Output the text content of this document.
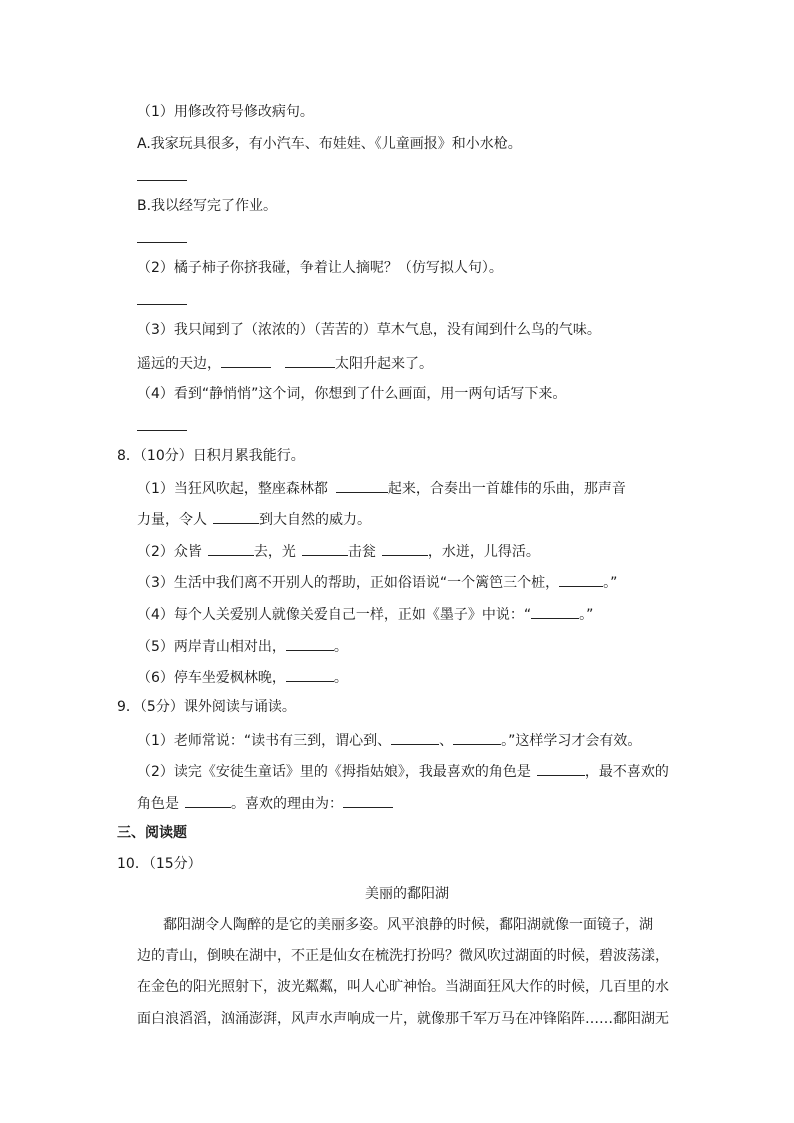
（1）用修改符号修改病句。
A.我家玩具很多，有小汽车、布娃娃、《儿童画报》和小水枪。
B.我以经写完了作业。
（2）橘子柿子你挤我碰，争着让人摘呢？（仿写拟人句）。
（3）我只闻到了（浓浓的）（苦苦的）草木气息，没有闻到什么鸟的气味。
遥远的天边，	太阳升起来了。
（4）看到“静悄悄”这个词，你想到了什么画面，用一两句话写下来。
8．（10分）日积月累我能行。
（1）当狂风吹起，整座森林都	起来，合奏出一首雄伟的乐曲，那声音
力量，令人	到大自然的威力。
（2）众皆	去，光	击瓮	，水迸，儿得活。
（3）生活中我们离不开别人的帮助，正如俗语说“一个篱笆三个桩，	。”
（4）每个人关爱别人就像关爱自己一样，正如《墨子》中说：“	。”
（5）两岸青山相对出，	。
（6）停车坐爱枫林晚，	。
9．（5分）课外阅读与诵读。
（1）老师常说：“读书有三到，谓心到、	、	。”这样学习才会有效。
（2）读完《安徒生童话》里的《拇指姑娘》，我最喜欢的角色是	，最不喜欢的
角色是	。喜欢的理由为：
三、阅读题
10．（15分）
美丽的鄱阳湖
鄱阳湖令人陶醉的是它的美丽多姿。风平浪静的时候，鄱阳湖就像一面镜子，湖
边的青山，倒映在湖中，不正是仙女在梳洗打扮吗？微风吹过湖面的时候，碧波荡漾，
在金色的阳光照射下，波光粼粼，叫人心旷神怡。当湖面狂风大作的时候，几百里的水
面白浪滔滔，汹涌澎湃，风声水声响成一片，就像那千军万马在冲锋陷阵……鄱阳湖无
